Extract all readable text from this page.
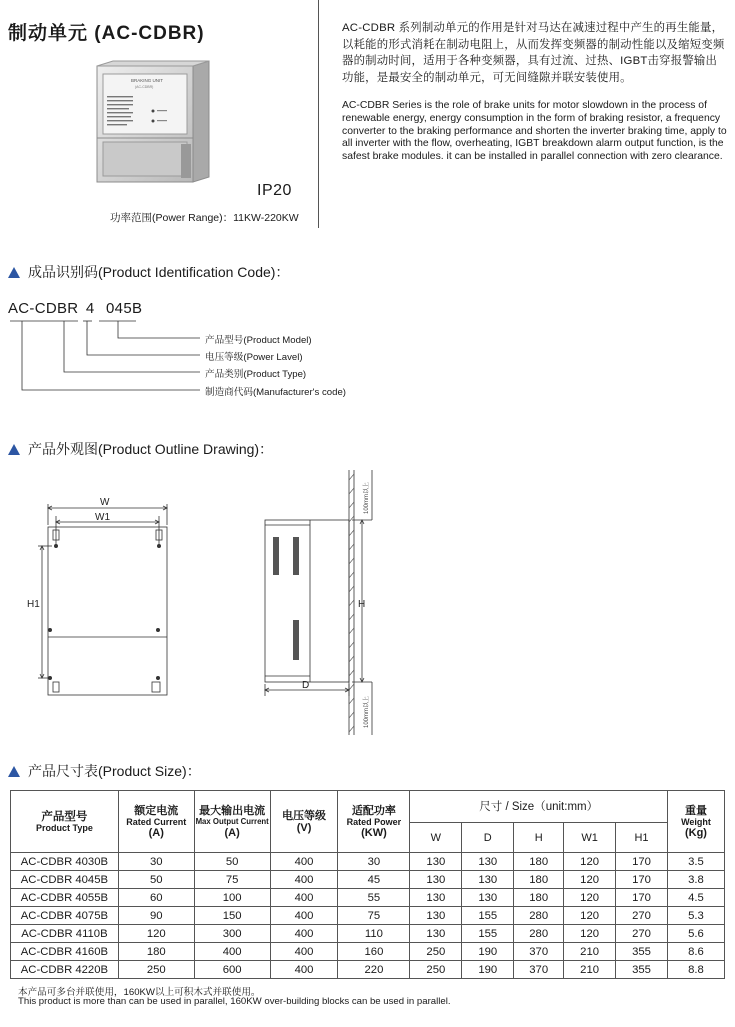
制动单元 (AC-CDBR)
BRAKING UNIT
(AC-CDBR)
IP20
功率范围(Power Range)：11KW-220KW
AC-CDBR 系列制动单元的作用是针对马达在减速过程中产生的再生能量，以耗能的形式消耗在制动电阻上，从而发挥变频器的制动性能以及缩短变频器的制动时间，适用于各种变频器，具有过流、过热、IGBT击穿报警输出功能，是最安全的制动单元，可无间缝隙并联安装使用。
AC-CDBR Series is the role of brake units for motor slowdown in the process of renewable energy, energy consumption in the form of braking resistor, a frequency converter to the braking performance and shorten the inverter braking time, apply to all inverter with the flow, overheating, IGBT breakdown alarm output function, is the safest brake modules. it can be installed in parallel connection with zero clearance.
成品识别码(Product Identification Code)：
AC-CDBR 4 045B
产品型号(Product Model)
电压等级(Power Lavel)
产品类别(Product Type)
制造商代码(Manufacturer's code)
产品外观图(Product Outline Drawing)：
W
W1
H1
D
H
100mm以上
100mm以上
产品尺寸表(Product Size)：
产品型号
Product Type	额定电流
Rated Current
(A)	最大输出电流
Max Output Current
(A)	电压等级
(V)	适配功率
Rated Power
(KW)	尺寸 / Size（unit:mm）					重量
Weight
(Kg)
					W	D	H	W1	H1	
AC-CDBR 4030B	30	50	400	30	130	130	180	120	170	3.5
AC-CDBR 4045B	50	75	400	45	130	130	180	120	170	3.8
AC-CDBR 4055B	60	100	400	55	130	130	180	120	170	4.5
AC-CDBR 4075B	90	150	400	75	130	155	280	120	270	5.3
AC-CDBR 4110B	120	300	400	110	130	155	280	120	270	5.6
AC-CDBR 4160B	180	400	400	160	250	190	370	210	355	8.6
AC-CDBR 4220B	250	600	400	220	250	190	370	210	355	8.8
本产品可多台并联使用，160KW以上可积木式并联使用。
This product is more than can be used in parallel, 160KW over-building blocks can be used in parallel.
